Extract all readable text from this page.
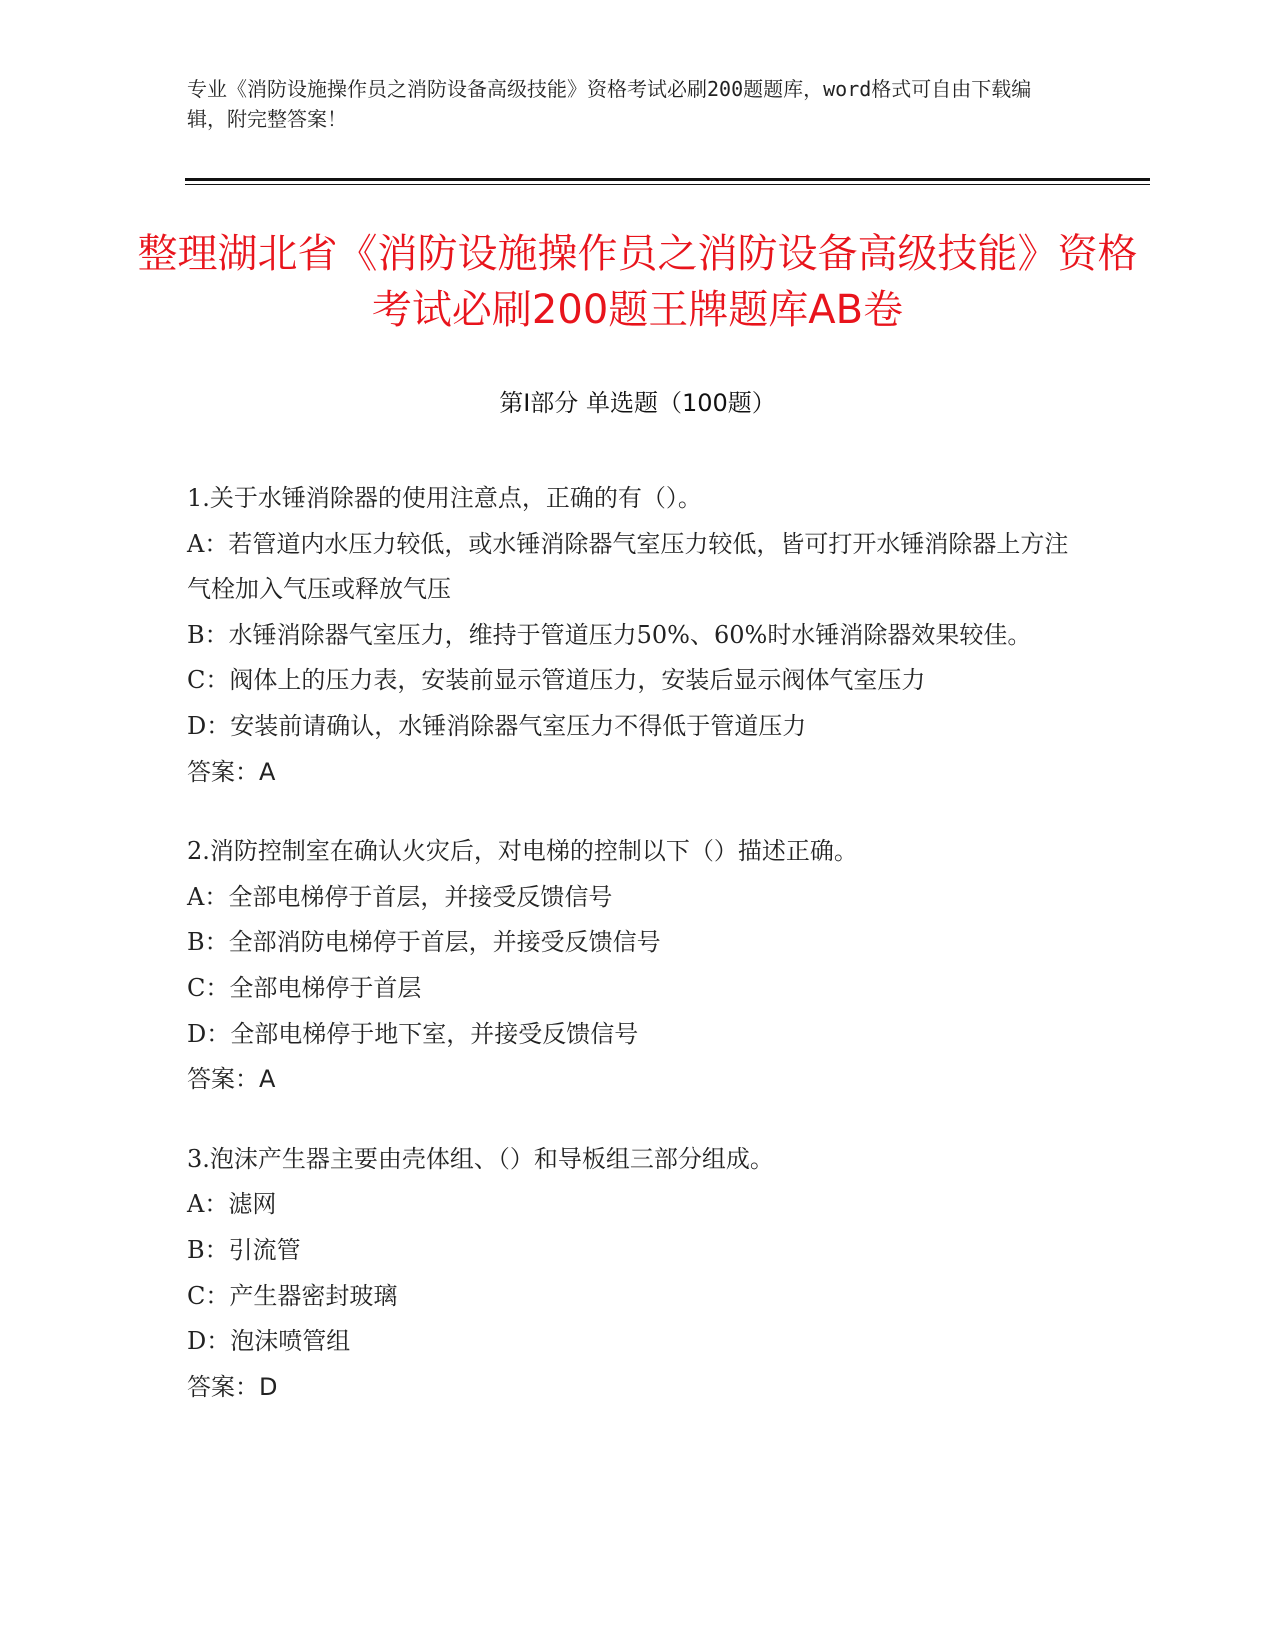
专业《消防设施操作员之消防设备高级技能》资格考试必刷200题题库，word格式可自由下载编辑，附完整答案！
整理湖北省《消防设施操作员之消防设备高级技能》资格考试必刷200题王牌题库AB卷
第Ⅰ部分 单选题（100题）

1.关于水锤消除器的使用注意点，正确的有（）。

A：若管道内水压力较低，或水锤消除器气室压力较低，皆可打开水锤消除器上方注气栓加入气压或释放气压

B：水锤消除器气室压力，维持于管道压力50%、60%时水锤消除器效果较佳。

C：阀体上的压力表，安装前显示管道压力，安装后显示阀体气室压力

D：安装前请确认，水锤消除器气室压力不得低于管道压力

答案：A

2.消防控制室在确认火灾后，对电梯的控制以下（）描述正确。

A：全部电梯停于首层，并接受反馈信号

B：全部消防电梯停于首层，并接受反馈信号

C：全部电梯停于首层

D：全部电梯停于地下室，并接受反馈信号

答案：A

3.泡沫产生器主要由壳体组、（）和导板组三部分组成。

A：滤网

B：引流管

C：产生器密封玻璃

D：泡沫喷管组

答案：D
